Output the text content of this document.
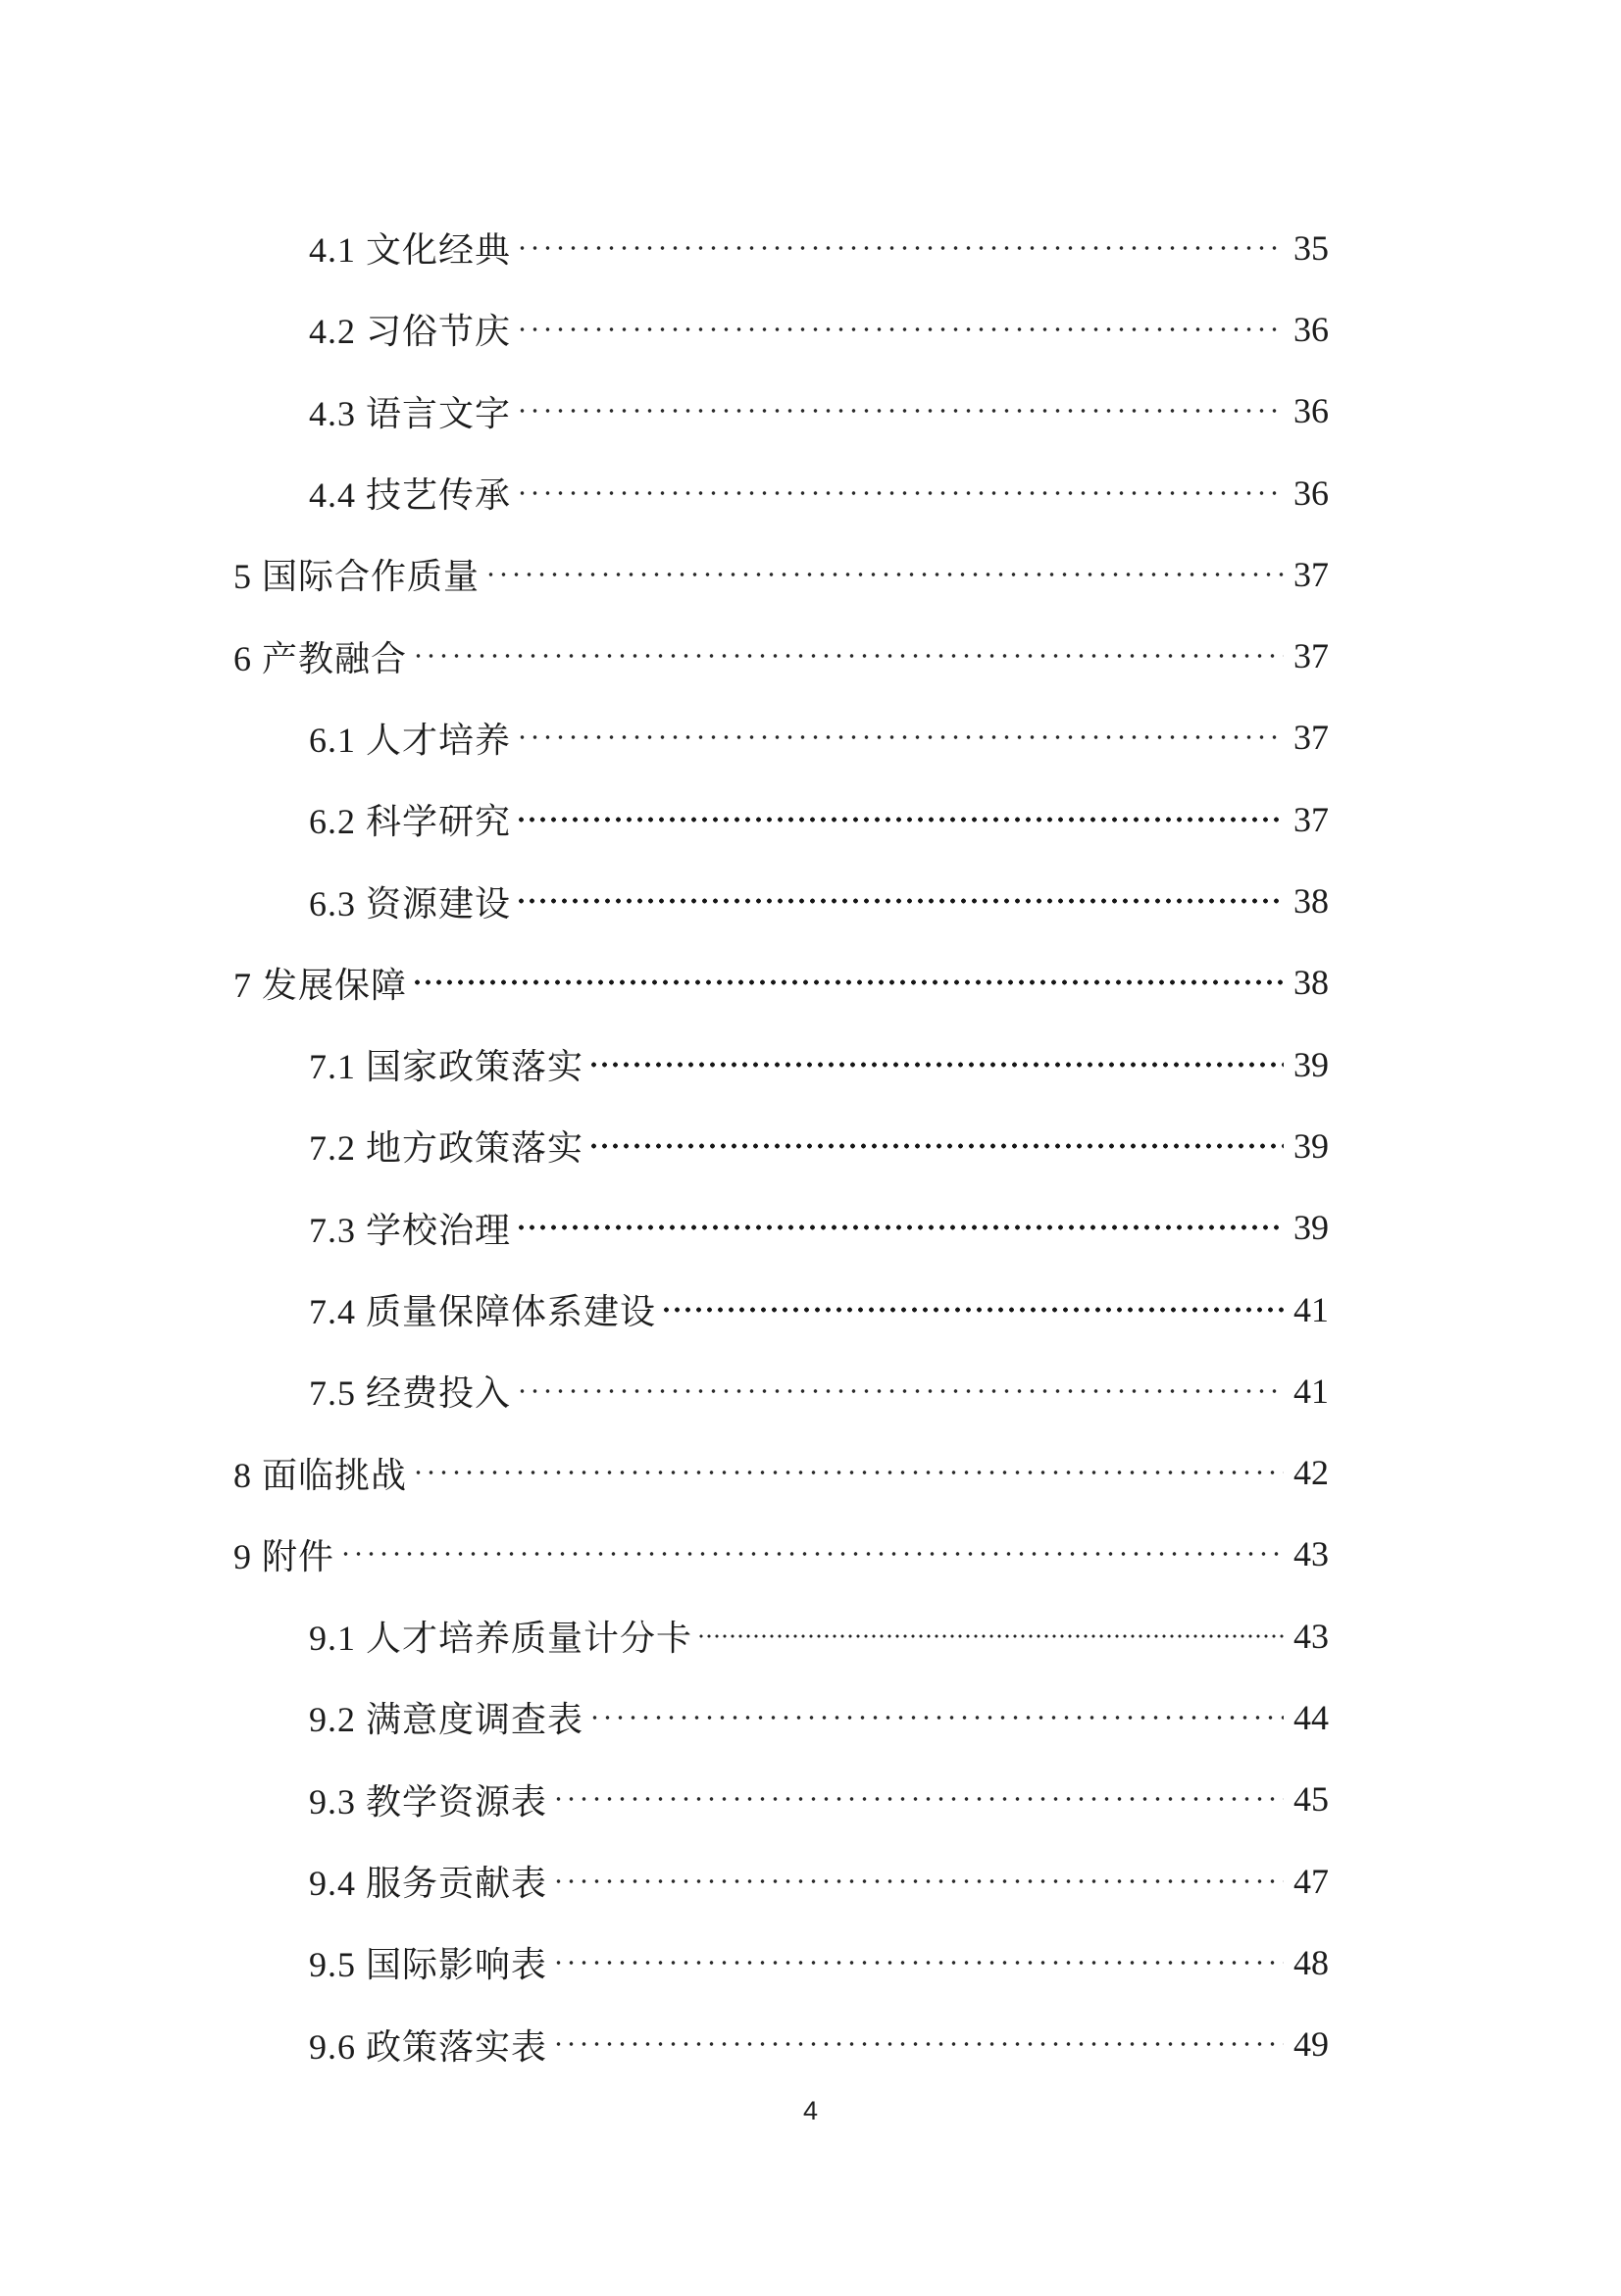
4.1 文化经典	35
4.2 习俗节庆	36
4.3 语言文字	36
4.4 技艺传承	36
5 国际合作质量	37
6 产教融合	37
6.1 人才培养	37
6.2 科学研究	37
6.3 资源建设	38
7 发展保障	38
7.1 国家政策落实	39
7.2 地方政策落实	39
7.3 学校治理	39
7.4 质量保障体系建设	41
7.5 经费投入	41
8 面临挑战	42
9 附件	43
9.1 人才培养质量计分卡	43
9.2 满意度调查表	44
9.3 教学资源表	45
9.4 服务贡献表	47
9.5 国际影响表	48
9.6 政策落实表	49
4
